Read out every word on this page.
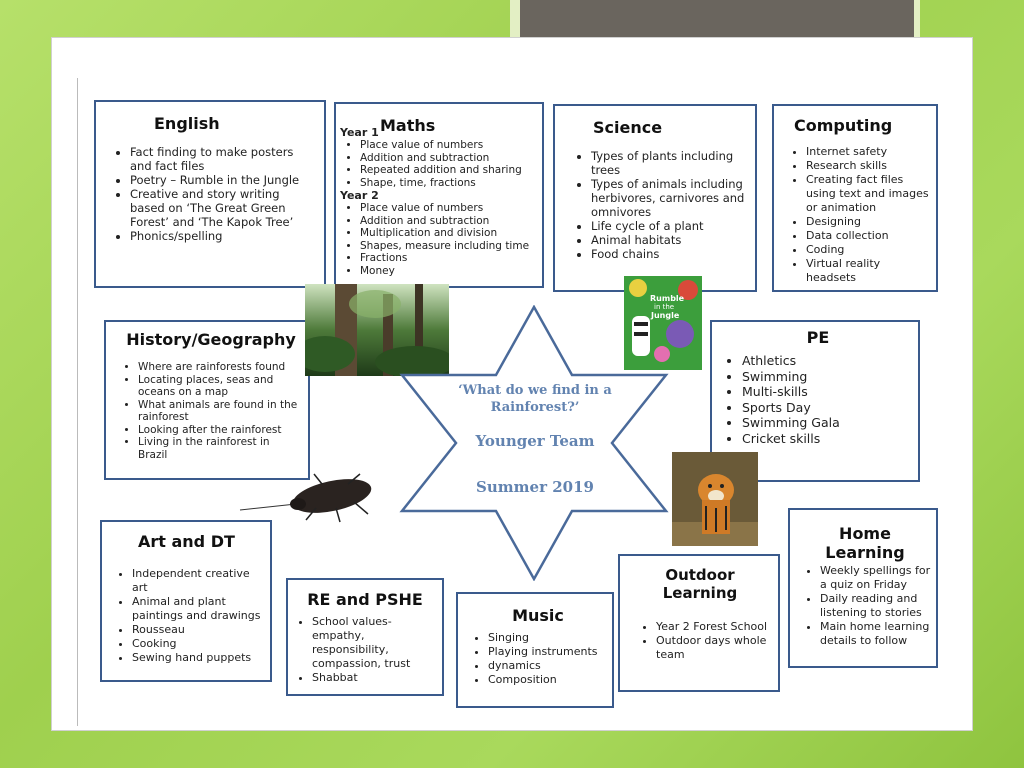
English
• Fact finding to make posters and fact files
• Poetry – Rumble in the Jungle
• Creative and story writing based on ‘The Great Green Forest’ and ‘The Kapok Tree’
• Phonics/spelling
Maths
Year 1
• Place value of numbers
• Addition and subtraction
• Repeated addition and sharing
• Shape, time, fractions
Year 2
• Place value of numbers
• Addition and subtraction
• Multiplication and division
• Shapes, measure including time
• Fractions
• Money
Science
• Types of plants including trees
• Types of animals including herbivores, carnivores and omnivores
• Life cycle of a plant
• Animal habitats
• Food chains
Computing
• Internet safety
• Research skills
• Creating fact files using text and images or animation
• Designing
• Data collection
• Coding
• Virtual reality headsets
History/Geography
• Where are rainforests found
• Locating places, seas and oceans on a map
• What animals are found in the rainforest
• Looking after the rainforest
• Living in the rainforest in Brazil
PE
• Athletics
• Swimming
• Multi-skills
• Sports Day
• Swimming Gala
• Cricket skills
Art and DT
• Independent creative art
• Animal and plant paintings and drawings
• Rousseau
• Cooking
• Sewing hand puppets
RE and PSHE
• School values- empathy, responsibility, compassion, trust
• Shabbat
Music
• Singing
• Playing instruments
• dynamics
• Composition
Outdoor Learning
• Year 2 Forest School
• Outdoor days whole team
Home Learning
• Weekly spellings for a quiz on Friday
• Daily reading and listening to stories
• Main home learning details to follow
Rumble
in the
Jungle
‘What do we find in a Rainforest?’
Younger Team
Summer 2019
